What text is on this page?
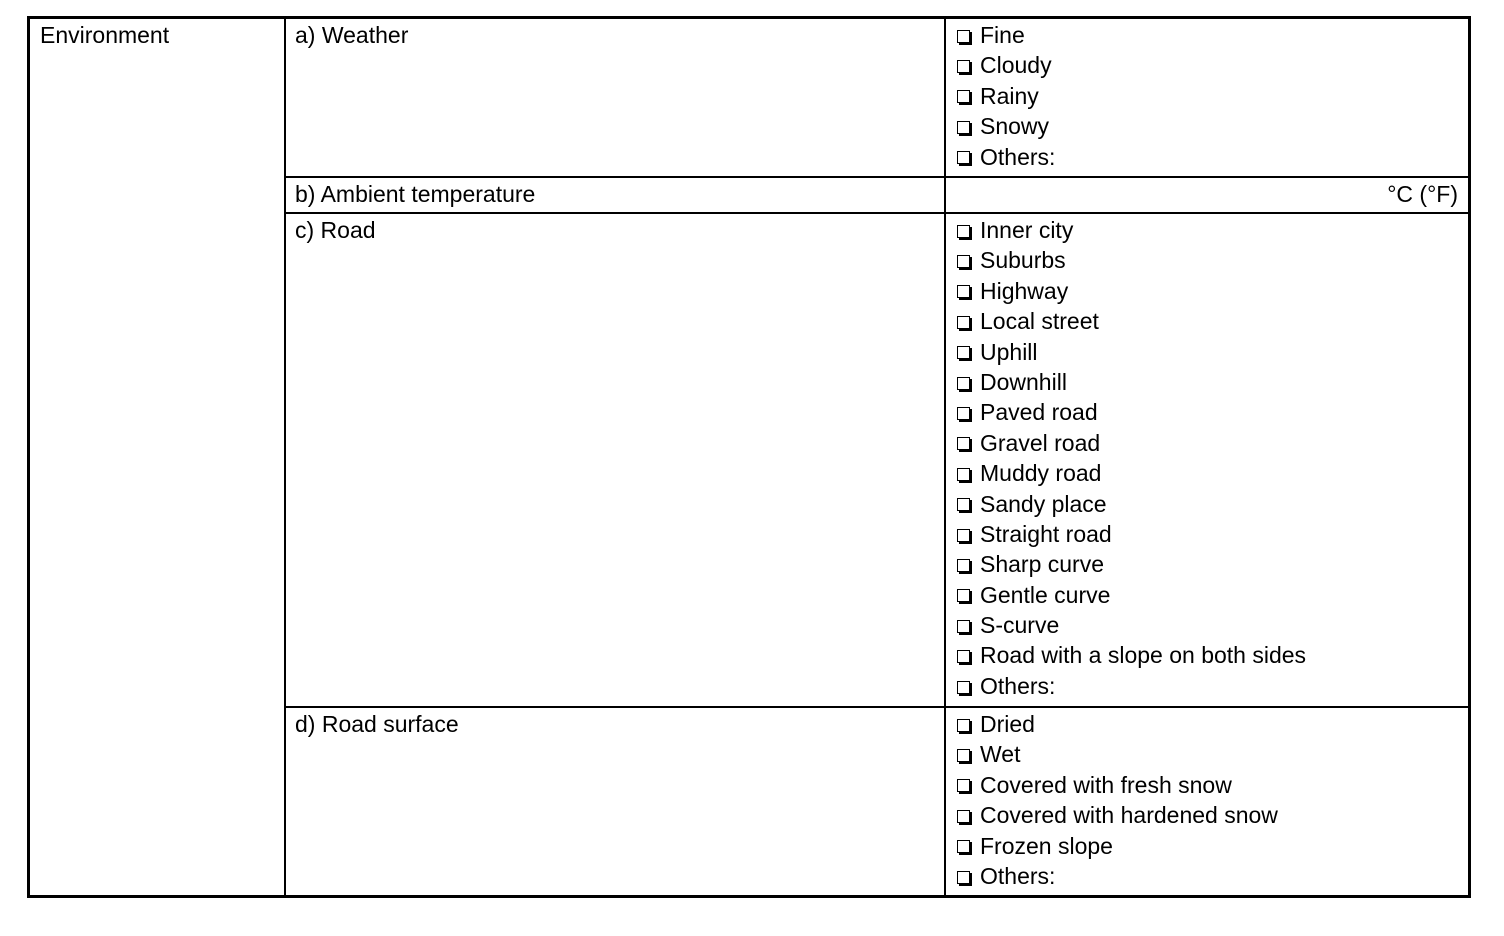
Environment	a) Weather	Fine
Cloudy
Rainy
Snowy
Others:
b) Ambient temperature	°C (°F)
c) Road	Inner city
Suburbs
Highway
Local street
Uphill
Downhill
Paved road
Gravel road
Muddy road
Sandy place
Straight road
Sharp curve
Gentle curve
S-curve
Road with a slope on both sides
Others:
d) Road surface	Dried
Wet
Covered with fresh snow
Covered with hardened snow
Frozen slope
Others:
